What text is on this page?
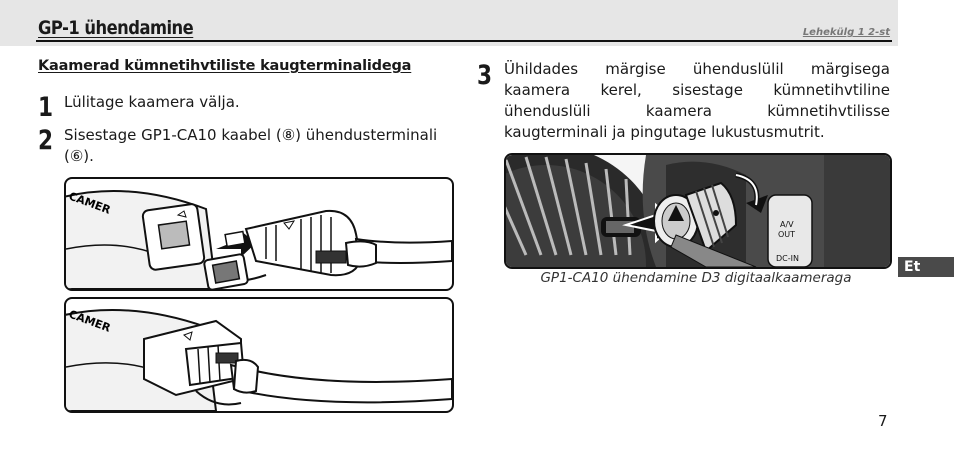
GP-1 ühendamine	Lehekülg 1 2-st
Kaamerad kümnetihvtiliste kaugterminalidega
1 Lülitage kaamera välja.
2 Sisestage GP1-CA10 kaabel (⑧) ühendusterminali (⑥).
CAMER
CAMER
3 Ühildades märgise ühenduslülil märgisega kaamera kerel, sisestage kümnetihvtiline ühenduslüli kaamera kümnetihvtilisse kaugterminali ja pingutage lukustusmutrit.
A/V
OUT
DC-IN
GP1-CA10 ühendamine D3 digitaalkaameraga
Et
7
